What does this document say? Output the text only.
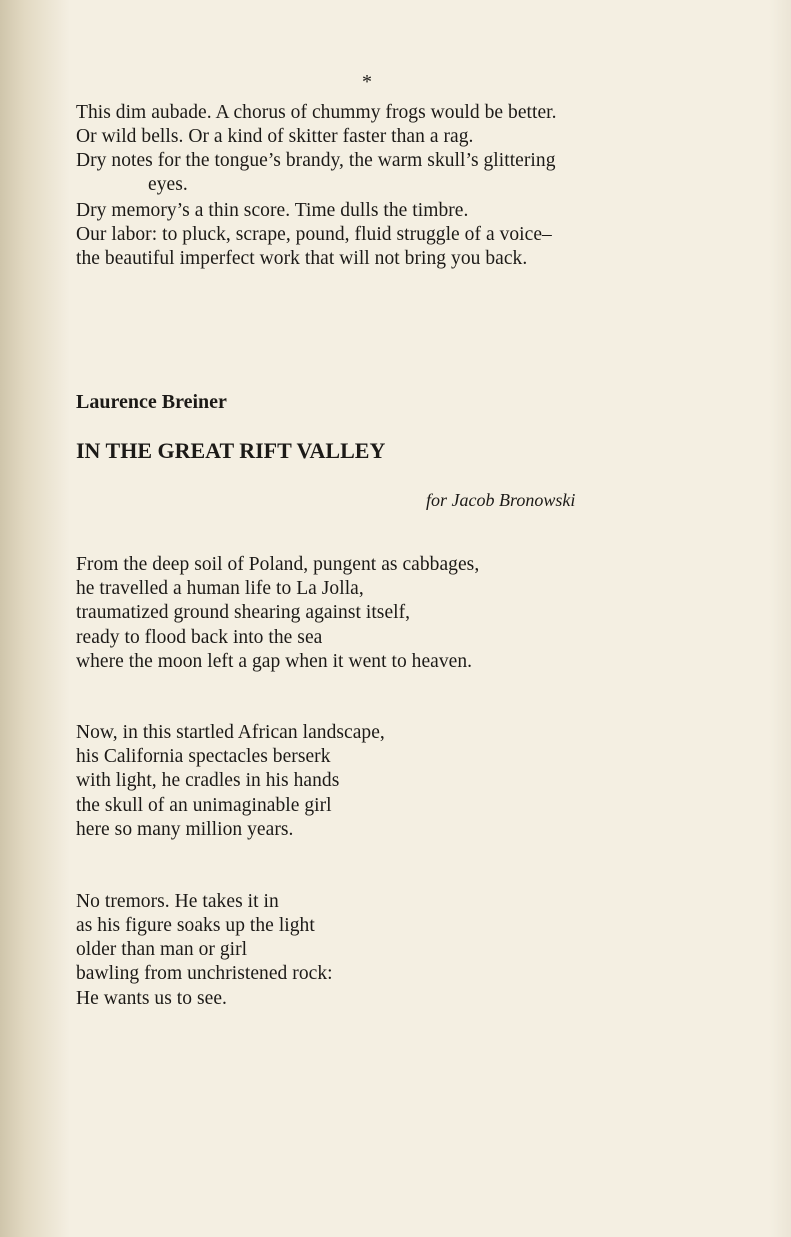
*
This dim aubade. A chorus of chummy frogs would be better.
Or wild bells. Or a kind of skitter faster than a rag.
Dry notes for the tongue’s brandy, the warm skull’s glittering
eyes.
Dry memory’s a thin score. Time dulls the timbre.
Our labor: to pluck, scrape, pound, fluid struggle of a voice–
the beautiful imperfect work that will not bring you back.
Laurence Breiner
IN THE GREAT RIFT VALLEY
for Jacob Bronowski
From the deep soil of Poland, pungent as cabbages,
he travelled a human life to La Jolla,
traumatized ground shearing against itself,
ready to flood back into the sea
where the moon left a gap when it went to heaven.
Now, in this startled African landscape,
his California spectacles berserk
with light, he cradles in his hands
the skull of an unimaginable girl
here so many million years.
No tremors. He takes it in
as his figure soaks up the light
older than man or girl
bawling from unchristened rock:
He wants us to see.
